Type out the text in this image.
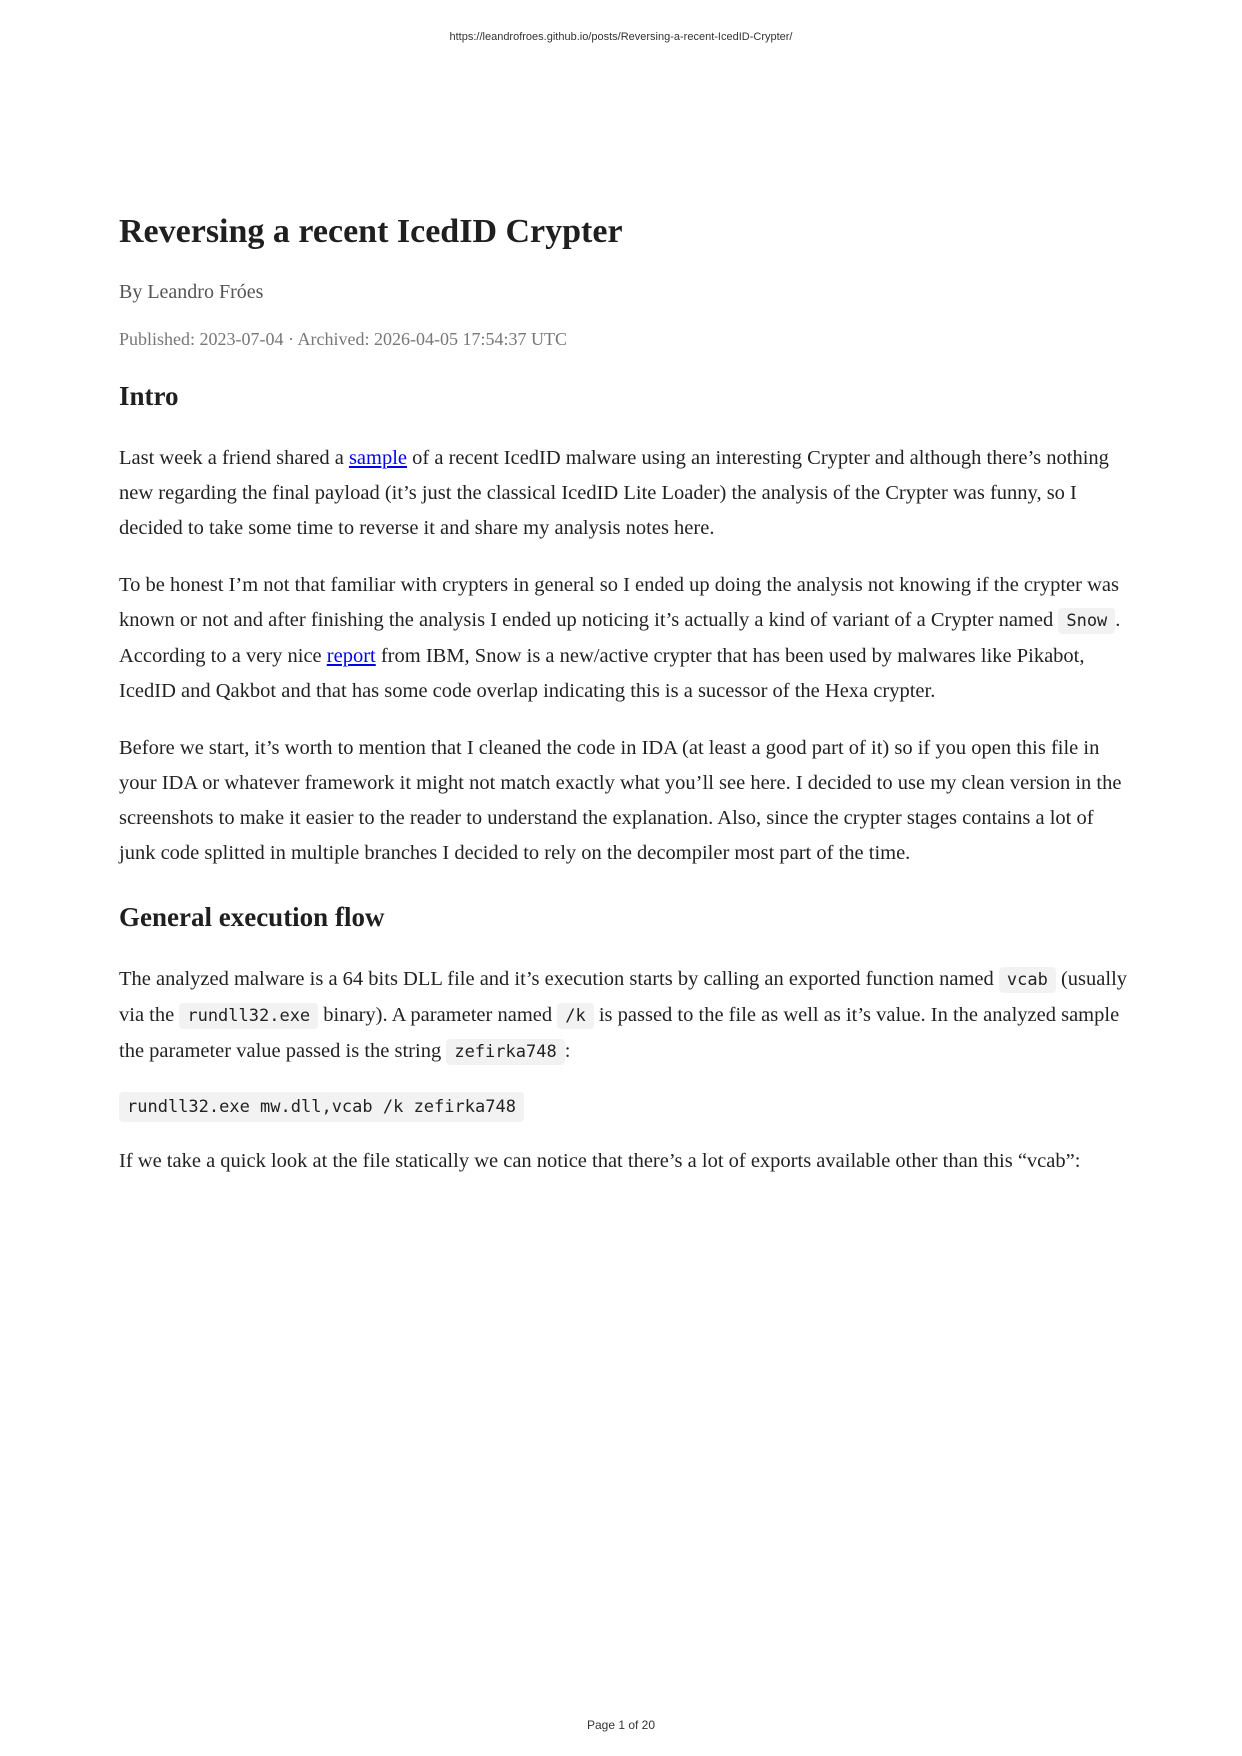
https://leandrofroes.github.io/posts/Reversing-a-recent-IcedID-Crypter/
Reversing a recent IcedID Crypter
By Leandro Fróes
Published: 2023-07-04 · Archived: 2026-04-05 17:54:37 UTC
Intro

Last week a friend shared a sample of a recent IcedID malware using an interesting Crypter and although there’s nothing new regarding the final payload (it’s just the classical IcedID Lite Loader) the analysis of the Crypter was funny, so I decided to take some time to reverse it and share my analysis notes here.

To be honest I’m not that familiar with crypters in general so I ended up doing the analysis not knowing if the crypter was known or not and after finishing the analysis I ended up noticing it’s actually a kind of variant of a Crypter named Snow . According to a very nice report from IBM, Snow is a new/active crypter that has been used by malwares like Pikabot, IcedID and Qakbot and that has some code overlap indicating this is a sucessor of the Hexa crypter.

Before we start, it’s worth to mention that I cleaned the code in IDA (at least a good part of it) so if you open this file in your IDA or whatever framework it might not match exactly what you’ll see here. I decided to use my clean version in the screenshots to make it easier to the reader to understand the explanation. Also, since the crypter stages contains a lot of junk code splitted in multiple branches I decided to rely on the decompiler most part of the time.

General execution flow

The analyzed malware is a 64 bits DLL file and it’s execution starts by calling an exported function named vcab (usually via the rundll32.exe binary). A parameter named /k is passed to the file as well as it’s value. In the analyzed sample the parameter value passed is the string zefirka748 :

rundll32.exe mw.dll,vcab /k zefirka748

If we take a quick look at the file statically we can notice that there’s a lot of exports available other than this “vcab”:

Page 1 of 20
